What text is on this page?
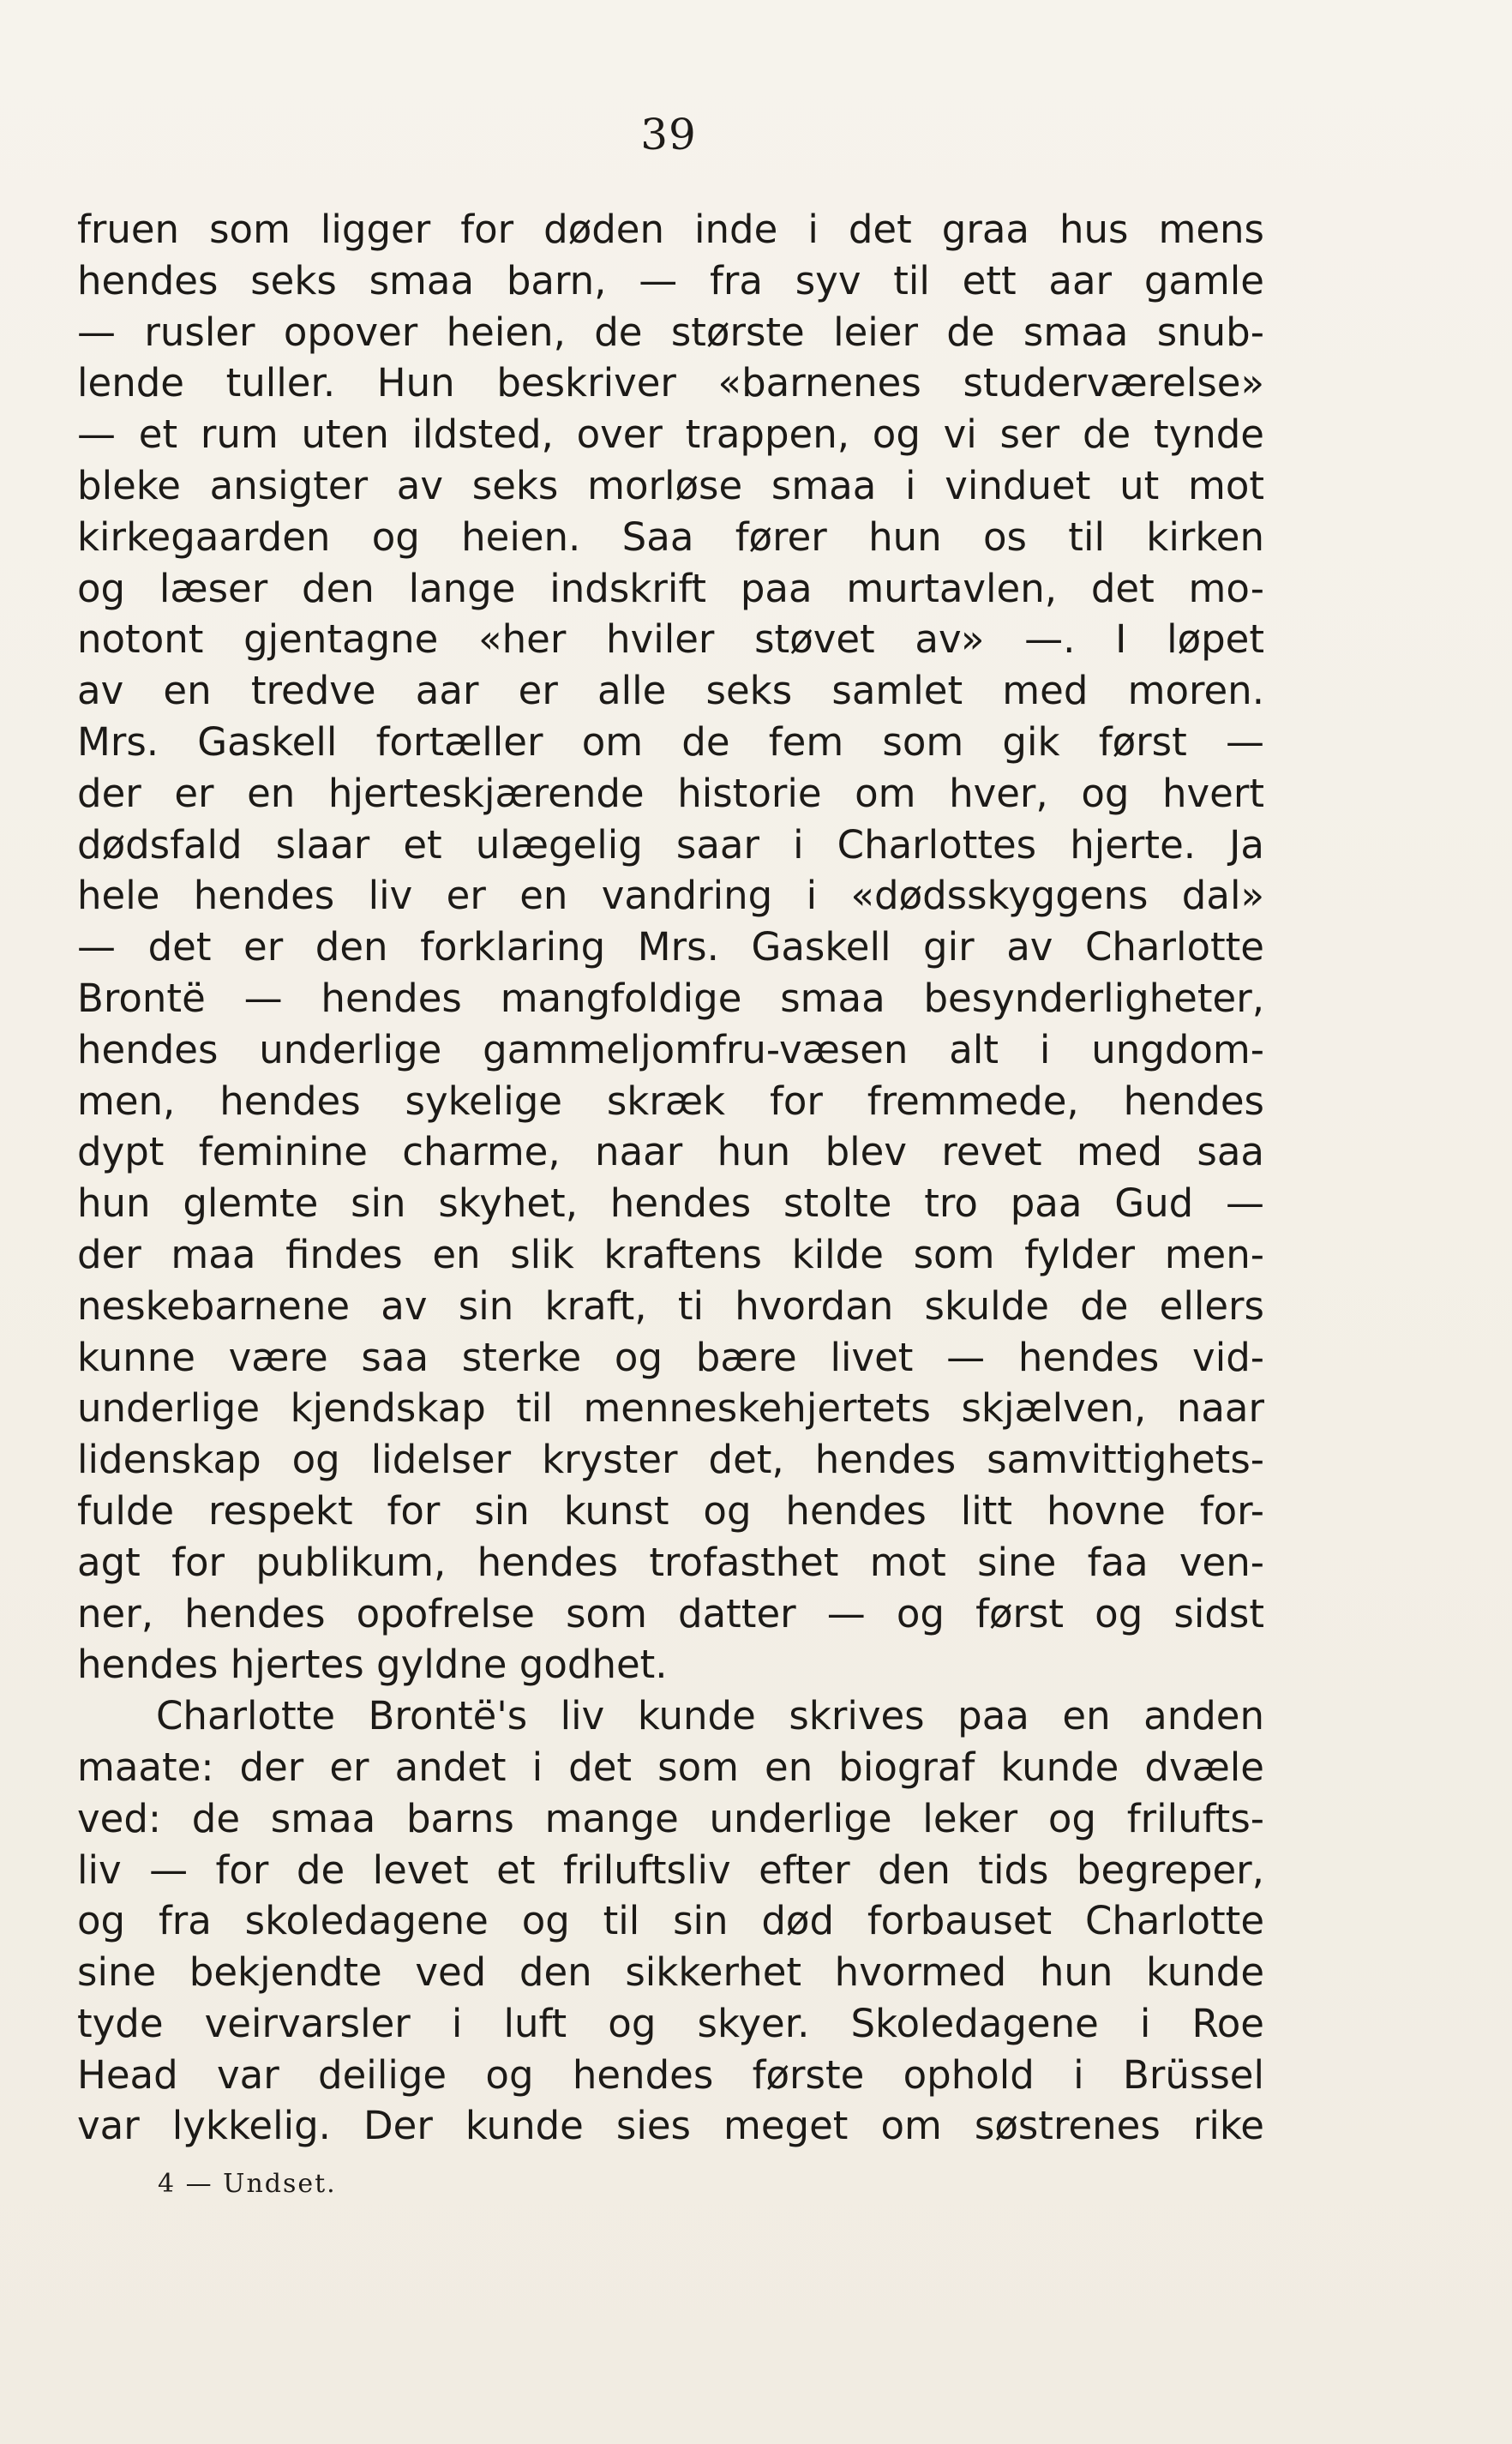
39
fruen som ligger for døden inde i det graa hus mens
hendes seks smaa barn, — fra syv til ett aar gamle
— rusler opover heien, de største leier de smaa snub-
lende tuller. Hun beskriver «barnenes studerværelse»
— et rum uten ildsted, over trappen, og vi ser de tynde
bleke ansigter av seks morløse smaa i vinduet ut mot
kirkegaarden og heien. Saa fører hun os til kirken
og læser den lange indskrift paa murtavlen, det mo-
notont gjentagne «her hviler støvet av» —. I løpet
av en tredve aar er alle seks samlet med moren.
Mrs. Gaskell fortæller om de fem som gik først —
der er en hjerteskjærende historie om hver, og hvert
dødsfald slaar et ulægelig saar i Charlottes hjerte. Ja
hele hendes liv er en vandring i «dødsskyggens dal»
— det er den forklaring Mrs. Gaskell gir av Charlotte
Brontë — hendes mangfoldige smaa besynderligheter,
hendes underlige gammeljomfru-væsen alt i ungdom-
men, hendes sykelige skræk for fremmede, hendes
dypt feminine charme, naar hun blev revet med saa
hun glemte sin skyhet, hendes stolte tro paa Gud —
der maa findes en slik kraftens kilde som fylder men-
neskebarnene av sin kraft, ti hvordan skulde de ellers
kunne være saa sterke og bære livet — hendes vid-
underlige kjendskap til menneskehjertets skjælven, naar
lidenskap og lidelser kryster det, hendes samvittighets-
fulde respekt for sin kunst og hendes litt hovne for-
agt for publikum, hendes trofasthet mot sine faa ven-
ner, hendes opofrelse som datter — og først og sidst
hendes hjertes gyldne godhet.
Charlotte Brontë's liv kunde skrives paa en anden
maate: der er andet i det som en biograf kunde dvæle
ved: de smaa barns mange underlige leker og frilufts-
liv — for de levet et friluftsliv efter den tids begreper,
og fra skoledagene og til sin død forbauset Charlotte
sine bekjendte ved den sikkerhet hvormed hun kunde
tyde veirvarsler i luft og skyer. Skoledagene i Roe
Head var deilige og hendes første ophold i Brüssel
var lykkelig. Der kunde sies meget om søstrenes rike
4 — Undset.
